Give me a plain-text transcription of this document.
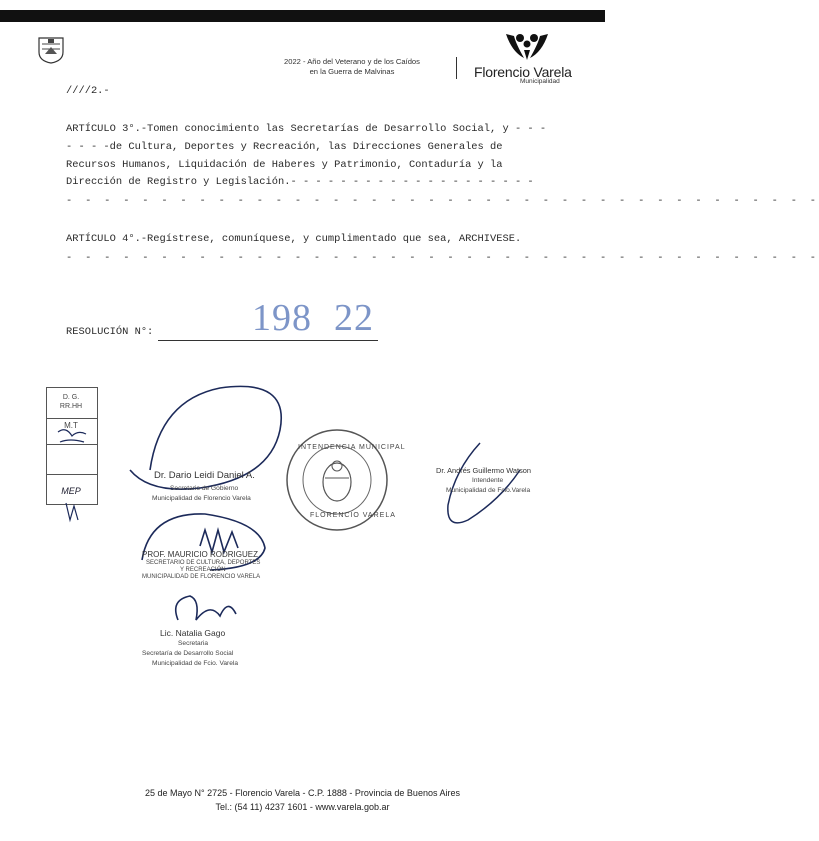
2022 - Año del Veterano y de los Caídos
en la Guerra de Malvinas	Florencio Varela
Municipalidad
////2.-
ARTÍCULO 3°.-Tomen conocimiento las Secretarías de Desarrollo Social, y - - - - - - -de Cultura, Deportes y Recreación, las Direcciones Generales de Recursos Humanos, Liquidación de Haberes y Patrimonio, Contaduría y la Dirección de Registro y Legislación.- - - - - - - - - - - - - - - - - - - -
- - - - - - - - - - - - - - - - - - - - - - - - - - - - - - - - - - - - - - - -
ARTÍCULO 4°.-Regístrese, comuníquese, y cumplimentado que sea, ARCHIVESE.
- - - - - - - - - - - - - - - - - - - - - - - - - - - - - - - - - - - - - - - -
RESOLUCIÓN N°:	198 22
D. G.
RR.HH
M.T
MEP
INTENDENCIA MUNICIPAL
FLORENCIO VARELA
Dr. Dario Leidi Daniel A.
Secretario de Gobierno
Municipalidad de Florencio Varela
Dr. Andrés Guillermo Watson
Intendente
Municipalidad de Fcio.Varela
PROF. MAURICIO RODRIGUEZ
SECRETARIO DE CULTURA, DEPORTES
Y RECREACIÓN
MUNICIPALIDAD DE FLORENCIO VARELA
Lic. Natalia Gago
Secretaria
Secretaría de Desarrollo Social
Municipalidad de Fcio. Varela
25 de Mayo N° 2725 - Florencio Varela - C.P. 1888 - Provincia de Buenos Aires
Tel.: (54 11) 4237 1601 - www.varela.gob.ar
